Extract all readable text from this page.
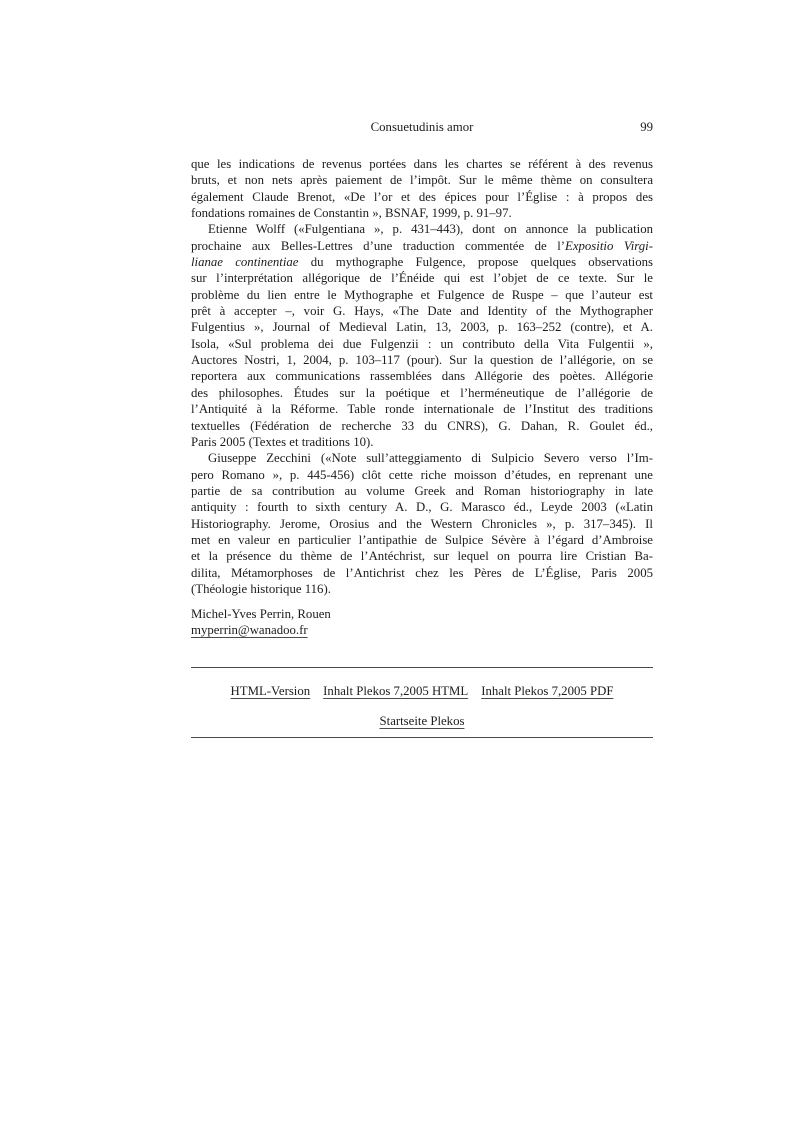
Consuetudinis amor	99
que les indications de revenus portées dans les chartes se référent à des revenus
bruts, et non nets après paiement de l’impôt. Sur le même thème on consultera
également Claude Brenot, «De l’or et des épices pour l’Église : à propos des
fondations romaines de Constantin », BSNAF, 1999, p. 91–97.
Etienne Wolff («Fulgentiana », p. 431–443), dont on annonce la publication
prochaine aux Belles-Lettres d’une traduction commentée de l’Expositio Virgi-
lianae continentiae du mythographe Fulgence, propose quelques observations
sur l’interprétation allégorique de l’Énéide qui est l’objet de ce texte. Sur le
problème du lien entre le Mythographe et Fulgence de Ruspe – que l’auteur est
prêt à accepter –, voir G. Hays, «The Date and Identity of the Mythographer
Fulgentius », Journal of Medieval Latin, 13, 2003, p. 163–252 (contre), et A.
Isola, «Sul problema dei due Fulgenzii : un contributo della Vita Fulgentii »,
Auctores Nostri, 1, 2004, p. 103–117 (pour). Sur la question de l’allégorie, on se
reportera aux communications rassemblées dans Allégorie des poètes. Allégorie
des philosophes. Études sur la poétique et l’herméneutique de l’allégorie de
l’Antiquité à la Réforme. Table ronde internationale de l’Institut des traditions
textuelles (Fédération de recherche 33 du CNRS), G. Dahan, R. Goulet éd.,
Paris 2005 (Textes et traditions 10).
Giuseppe Zecchini («Note sull’atteggiamento di Sulpicio Severo verso l’Im-
pero Romano », p. 445-456) clôt cette riche moisson d’études, en reprenant une
partie de sa contribution au volume Greek and Roman historiography in late
antiquity : fourth to sixth century A. D., G. Marasco éd., Leyde 2003 («Latin
Historiography. Jerome, Orosius and the Western Chronicles », p. 317–345). Il
met en valeur en particulier l’antipathie de Sulpice Sévère à l’égard d’Ambroise
et la présence du thème de l’Antéchrist, sur lequel on pourra lire Cristian Ba-
dilita, Métamorphoses de l’Antichrist chez les Pères de L’Église, Paris 2005
(Théologie historique 116).
Michel-Yves Perrin, Rouen
myperrin@wanadoo.fr
HTML-Version Inhalt Plekos 7,2005 HTML Inhalt Plekos 7,2005 PDF
Startseite Plekos
